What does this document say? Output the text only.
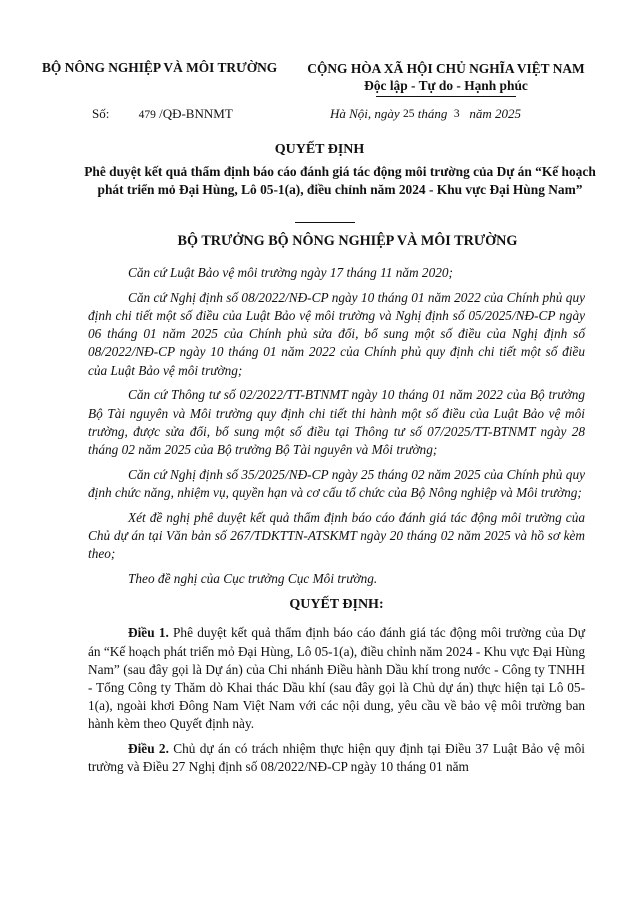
BỘ NÔNG NGHIỆP VÀ MÔI TRƯỜNG	CỘNG HÒA XÃ HỘI CHỦ NGHĨA VIỆT NAM
Độc lập - Tự do - Hạnh phúc
Số:	479 /QĐ-BNNMT	Hà Nội, ngày 25 tháng 3 năm 2025
QUYẾT ĐỊNH
Phê duyệt kết quả thẩm định báo cáo đánh giá tác động môi trường của Dự án “Kế hoạch phát triển mỏ Đại Hùng, Lô 05-1(a), điều chỉnh năm 2024 - Khu vực Đại Hùng Nam”
BỘ TRƯỞNG BỘ NÔNG NGHIỆP VÀ MÔI TRƯỜNG

Căn cứ Luật Bảo vệ môi trường ngày 17 tháng 11 năm 2020;

Căn cứ Nghị định số 08/2022/NĐ-CP ngày 10 tháng 01 năm 2022 của Chính phủ quy định chi tiết một số điều của Luật Bảo vệ môi trường và Nghị định số 05/2025/NĐ-CP ngày 06 tháng 01 năm 2025 của Chính phủ sửa đổi, bổ sung một số điều của Nghị định số 08/2022/NĐ-CP ngày 10 tháng 01 năm 2022 của Chính phủ quy định chi tiết một số điều của Luật Bảo vệ môi trường;

Căn cứ Thông tư số 02/2022/TT-BTNMT ngày 10 tháng 01 năm 2022 của Bộ trưởng Bộ Tài nguyên và Môi trường quy định chi tiết thi hành một số điều của Luật Bảo vệ môi trường, được sửa đổi, bổ sung một số điều tại Thông tư số 07/2025/TT-BTNMT ngày 28 tháng 02 năm 2025 của Bộ trưởng Bộ Tài nguyên và Môi trường;

Căn cứ Nghị định số 35/2025/NĐ-CP ngày 25 tháng 02 năm 2025 của Chính phủ quy định chức năng, nhiệm vụ, quyền hạn và cơ cấu tổ chức của Bộ Nông nghiệp và Môi trường;

Xét đề nghị phê duyệt kết quả thẩm định báo cáo đánh giá tác động môi trường của Chủ dự án tại Văn bản số 267/TDKTTN-ATSKMT ngày 20 tháng 02 năm 2025 và hồ sơ kèm theo;

Theo đề nghị của Cục trưởng Cục Môi trường.

QUYẾT ĐỊNH:

Điều 1. Phê duyệt kết quả thẩm định báo cáo đánh giá tác động môi trường của Dự án “Kế hoạch phát triển mỏ Đại Hùng, Lô 05-1(a), điều chỉnh năm 2024 - Khu vực Đại Hùng Nam” (sau đây gọi là Dự án) của Chi nhánh Điều hành Dầu khí trong nước - Công ty TNHH - Tổng Công ty Thăm dò Khai thác Dầu khí (sau đây gọi là Chủ dự án) thực hiện tại Lô 05-1(a), ngoài khơi Đông Nam Việt Nam với các nội dung, yêu cầu về bảo vệ môi trường ban hành kèm theo Quyết định này.

Điều 2. Chủ dự án có trách nhiệm thực hiện quy định tại Điều 37 Luật Bảo vệ môi trường và Điều 27 Nghị định số 08/2022/NĐ-CP ngày 10 tháng 01 năm
